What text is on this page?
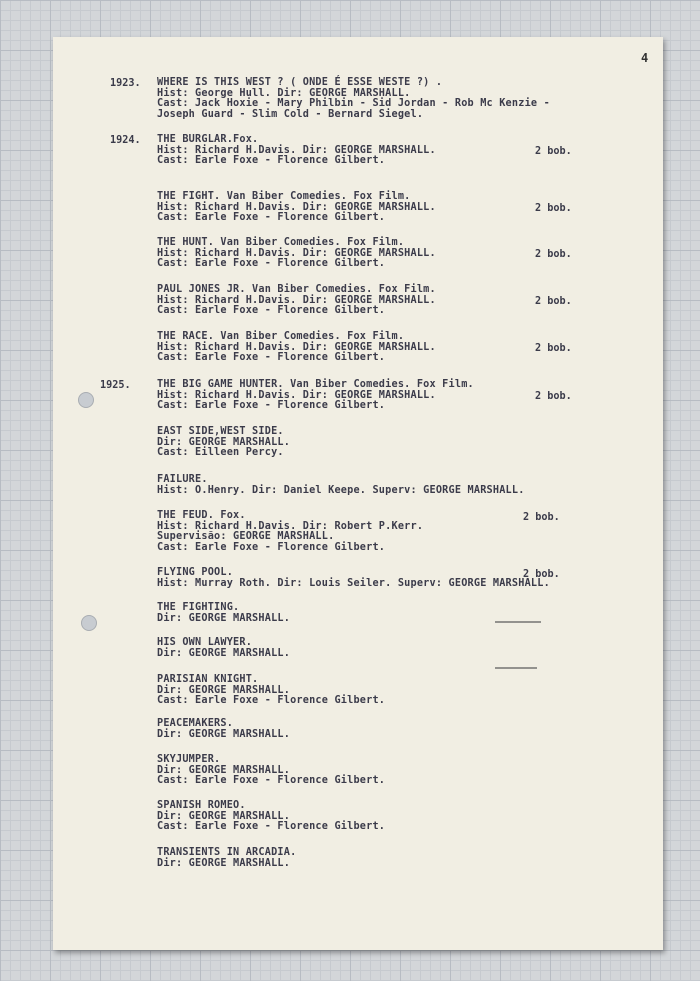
4
1923. WHERE IS THIS WEST ? ( ONDE É ESSE WESTE ?) .
Hist: George Hull. Dir: GEORGE MARSHALL.
Cast: Jack Hoxie - Mary Philbin - Sid Jordan - Rob Mc Kenzie -
Joseph Guard - Slim Cold - Bernard Siegel.
1924. THE BURGLAR.Fox.
Hist: Richard H.Davis. Dir: GEORGE MARSHALL.
Cast: Earle Foxe - Florence Gilbert.
2 bob.
THE FIGHT. Van Biber Comedies. Fox Film.
Hist: Richard H.Davis. Dir: GEORGE MARSHALL.
Cast: Earle Foxe - Florence Gilbert.
2 bob.
THE HUNT. Van Biber Comedies. Fox Film.
Hist: Richard H.Davis. Dir: GEORGE MARSHALL.
Cast: Earle Foxe - Florence Gilbert.
2 bob.
PAUL JONES JR. Van Biber Comedies. Fox Film.
Hist: Richard H.Davis. Dir: GEORGE MARSHALL.
Cast: Earle Foxe - Florence Gilbert.
2 bob.
THE RACE. Van Biber Comedies. Fox Film.
Hist: Richard H.Davis. Dir: GEORGE MARSHALL.
Cast: Earle Foxe - Florence Gilbert.
2 bob.
1925.	THE BIG GAME HUNTER. Van Biber Comedies. Fox Film.
Hist: Richard H.Davis. Dir: GEORGE MARSHALL.
Cast: Earle Foxe - Florence Gilbert.
2 bob.
EAST SIDE,WEST SIDE.
Dir: GEORGE MARSHALL.
Cast: Eilleen Percy.
FAILURE.
Hist: O.Henry. Dir: Daniel Keepe. Superv: GEORGE MARSHALL.
THE FEUD. Fox.
Hist: Richard H.Davis. Dir: Robert P.Kerr.
Supervisão: GEORGE MARSHALL.
Cast: Earle Foxe - Florence Gilbert.
2 bob.
FLYING POOL.
Hist: Murray Roth. Dir: Louis Seiler. Superv: GEORGE MARSHALL.
2 bob.
THE FIGHTING.
Dir: GEORGE MARSHALL.
HIS OWN LAWYER.
Dir: GEORGE MARSHALL.
PARISIAN KNIGHT.
Dir: GEORGE MARSHALL.
Cast: Earle Foxe - Florence Gilbert.
PEACEMAKERS.
Dir: GEORGE MARSHALL.
SKYJUMPER.
Dir: GEORGE MARSHALL.
Cast: Earle Foxe - Florence Gilbert.
SPANISH ROMEO.
Dir: GEORGE MARSHALL.
Cast: Earle Foxe - Florence Gilbert.
TRANSIENTS IN ARCADIA.
Dir: GEORGE MARSHALL.
